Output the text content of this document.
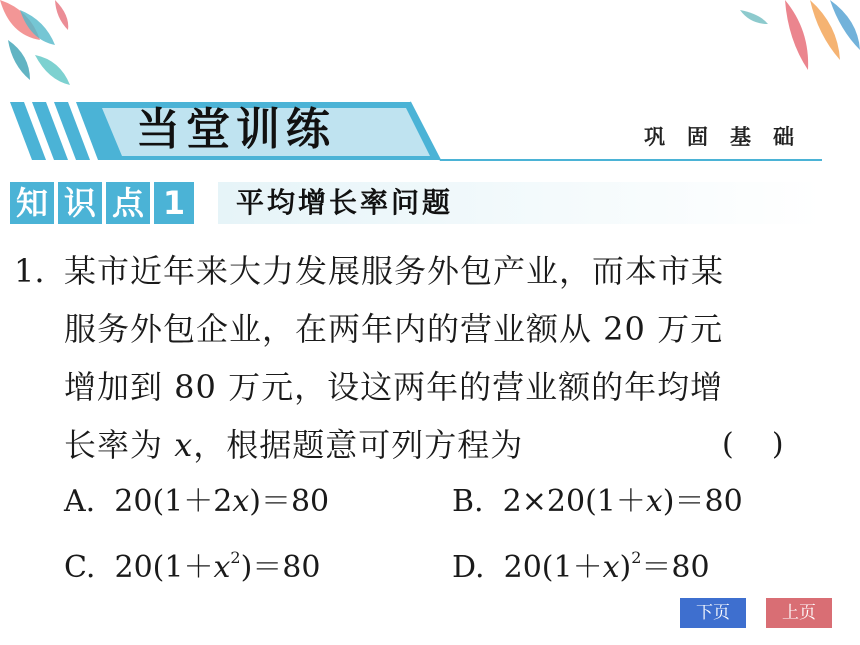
当堂训练	巩固基础
知 识 点 1	平均增长率问题
1. 某市近年来大力发展服务外包产业，而本市某
服务外包企业，在两年内的营业额从 20 万元
增加到 80 万元，设这两年的营业额的年均增
长率为 x，根据题意可列方程为	(    )
A. 20(1＋2x)＝80	B. 2×20(1＋x)＝80
C. $20(1+x^2)=80$	D. $20(1+x)^2=80$
下页	上页
